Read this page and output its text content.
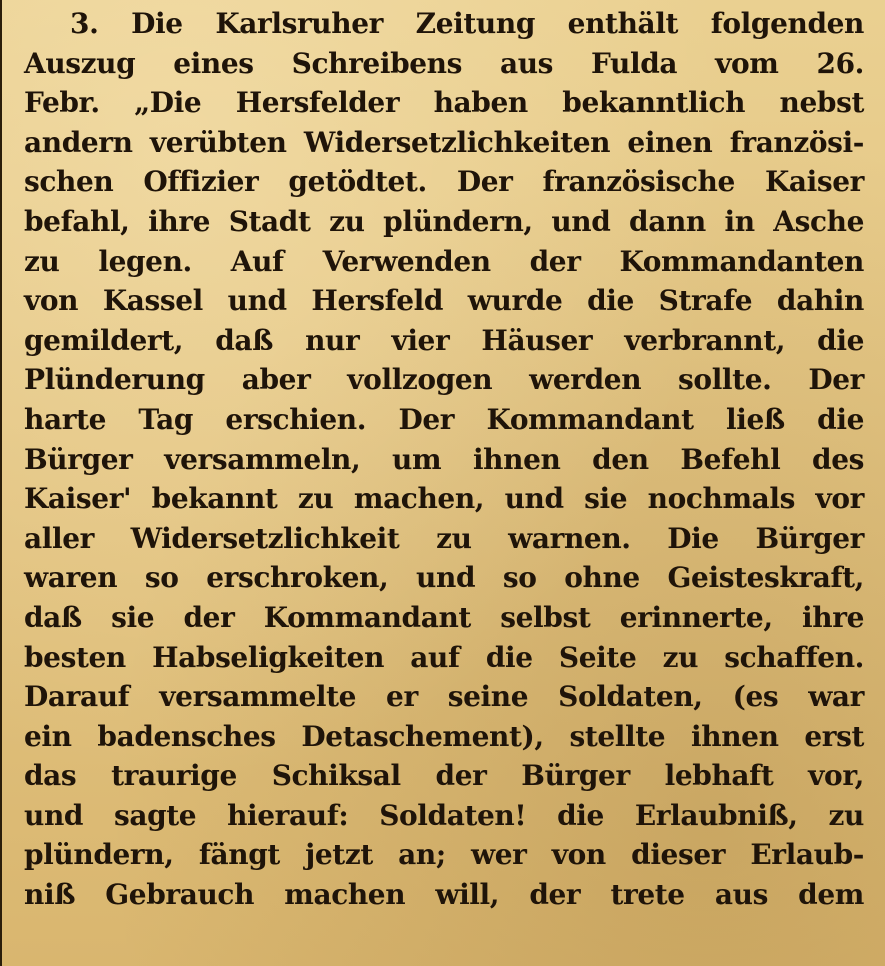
3. Die Karlsruher Zeitung enthält folgenden
Auszug eines Schreibens aus Fulda vom 26.
Febr. „Die Hersfelder haben bekanntlich nebst
andern verübten Widersetzlichkeiten einen französi-
schen Offizier getödtet. Der französische Kaiser
befahl, ihre Stadt zu plündern, und dann in Asche
zu legen. Auf Verwenden der Kommandanten
von Kassel und Hersfeld wurde die Strafe dahin
gemildert, daß nur vier Häuser verbrannt, die
Plünderung aber vollzogen werden sollte. Der
harte Tag erschien. Der Kommandant ließ die
Bürger versammeln, um ihnen den Befehl des
Kaiser' bekannt zu machen, und sie nochmals vor
aller Widersetzlichkeit zu warnen. Die Bürger
waren so erschroken, und so ohne Geisteskraft,
daß sie der Kommandant selbst erinnerte, ihre
besten Habseligkeiten auf die Seite zu schaffen.
Darauf versammelte er seine Soldaten, (es war
ein badensches Detaschement), stellte ihnen erst
das traurige Schiksal der Bürger lebhaft vor,
und sagte hierauf: Soldaten! die Erlaubniß, zu
plündern, fängt jetzt an; wer von dieser Erlaub-
niß Gebrauch machen will, der trete aus dem
